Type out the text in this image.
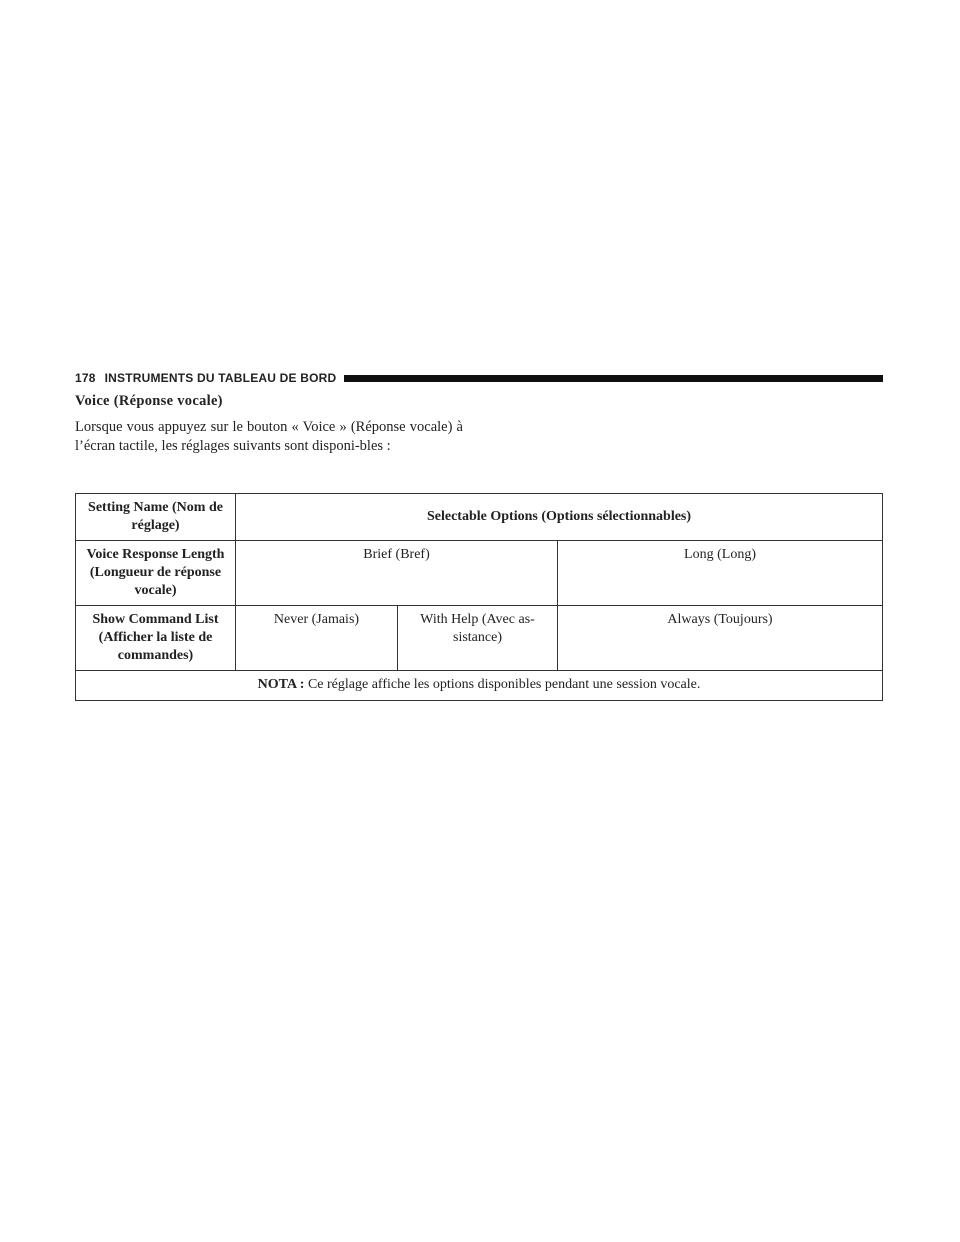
178 INSTRUMENTS DU TABLEAU DE BORD
Voice (Réponse vocale)
Lorsque vous appuyez sur le bouton « Voice » (Réponse vocale) à l’écran tactile, les réglages suivants sont disponi-bles :
Setting Name (Nom de réglage)	Selectable Options (Options sélectionnables)		
Voice Response Length (Longueur de réponse vocale)	Brief (Bref)		Long (Long)
Show Command List (Afficher la liste de commandes)	Never (Jamais)	With Help (Avec as-sistance)	Always (Toujours)
NOTA : Ce réglage affiche les options disponibles pendant une session vocale.			
